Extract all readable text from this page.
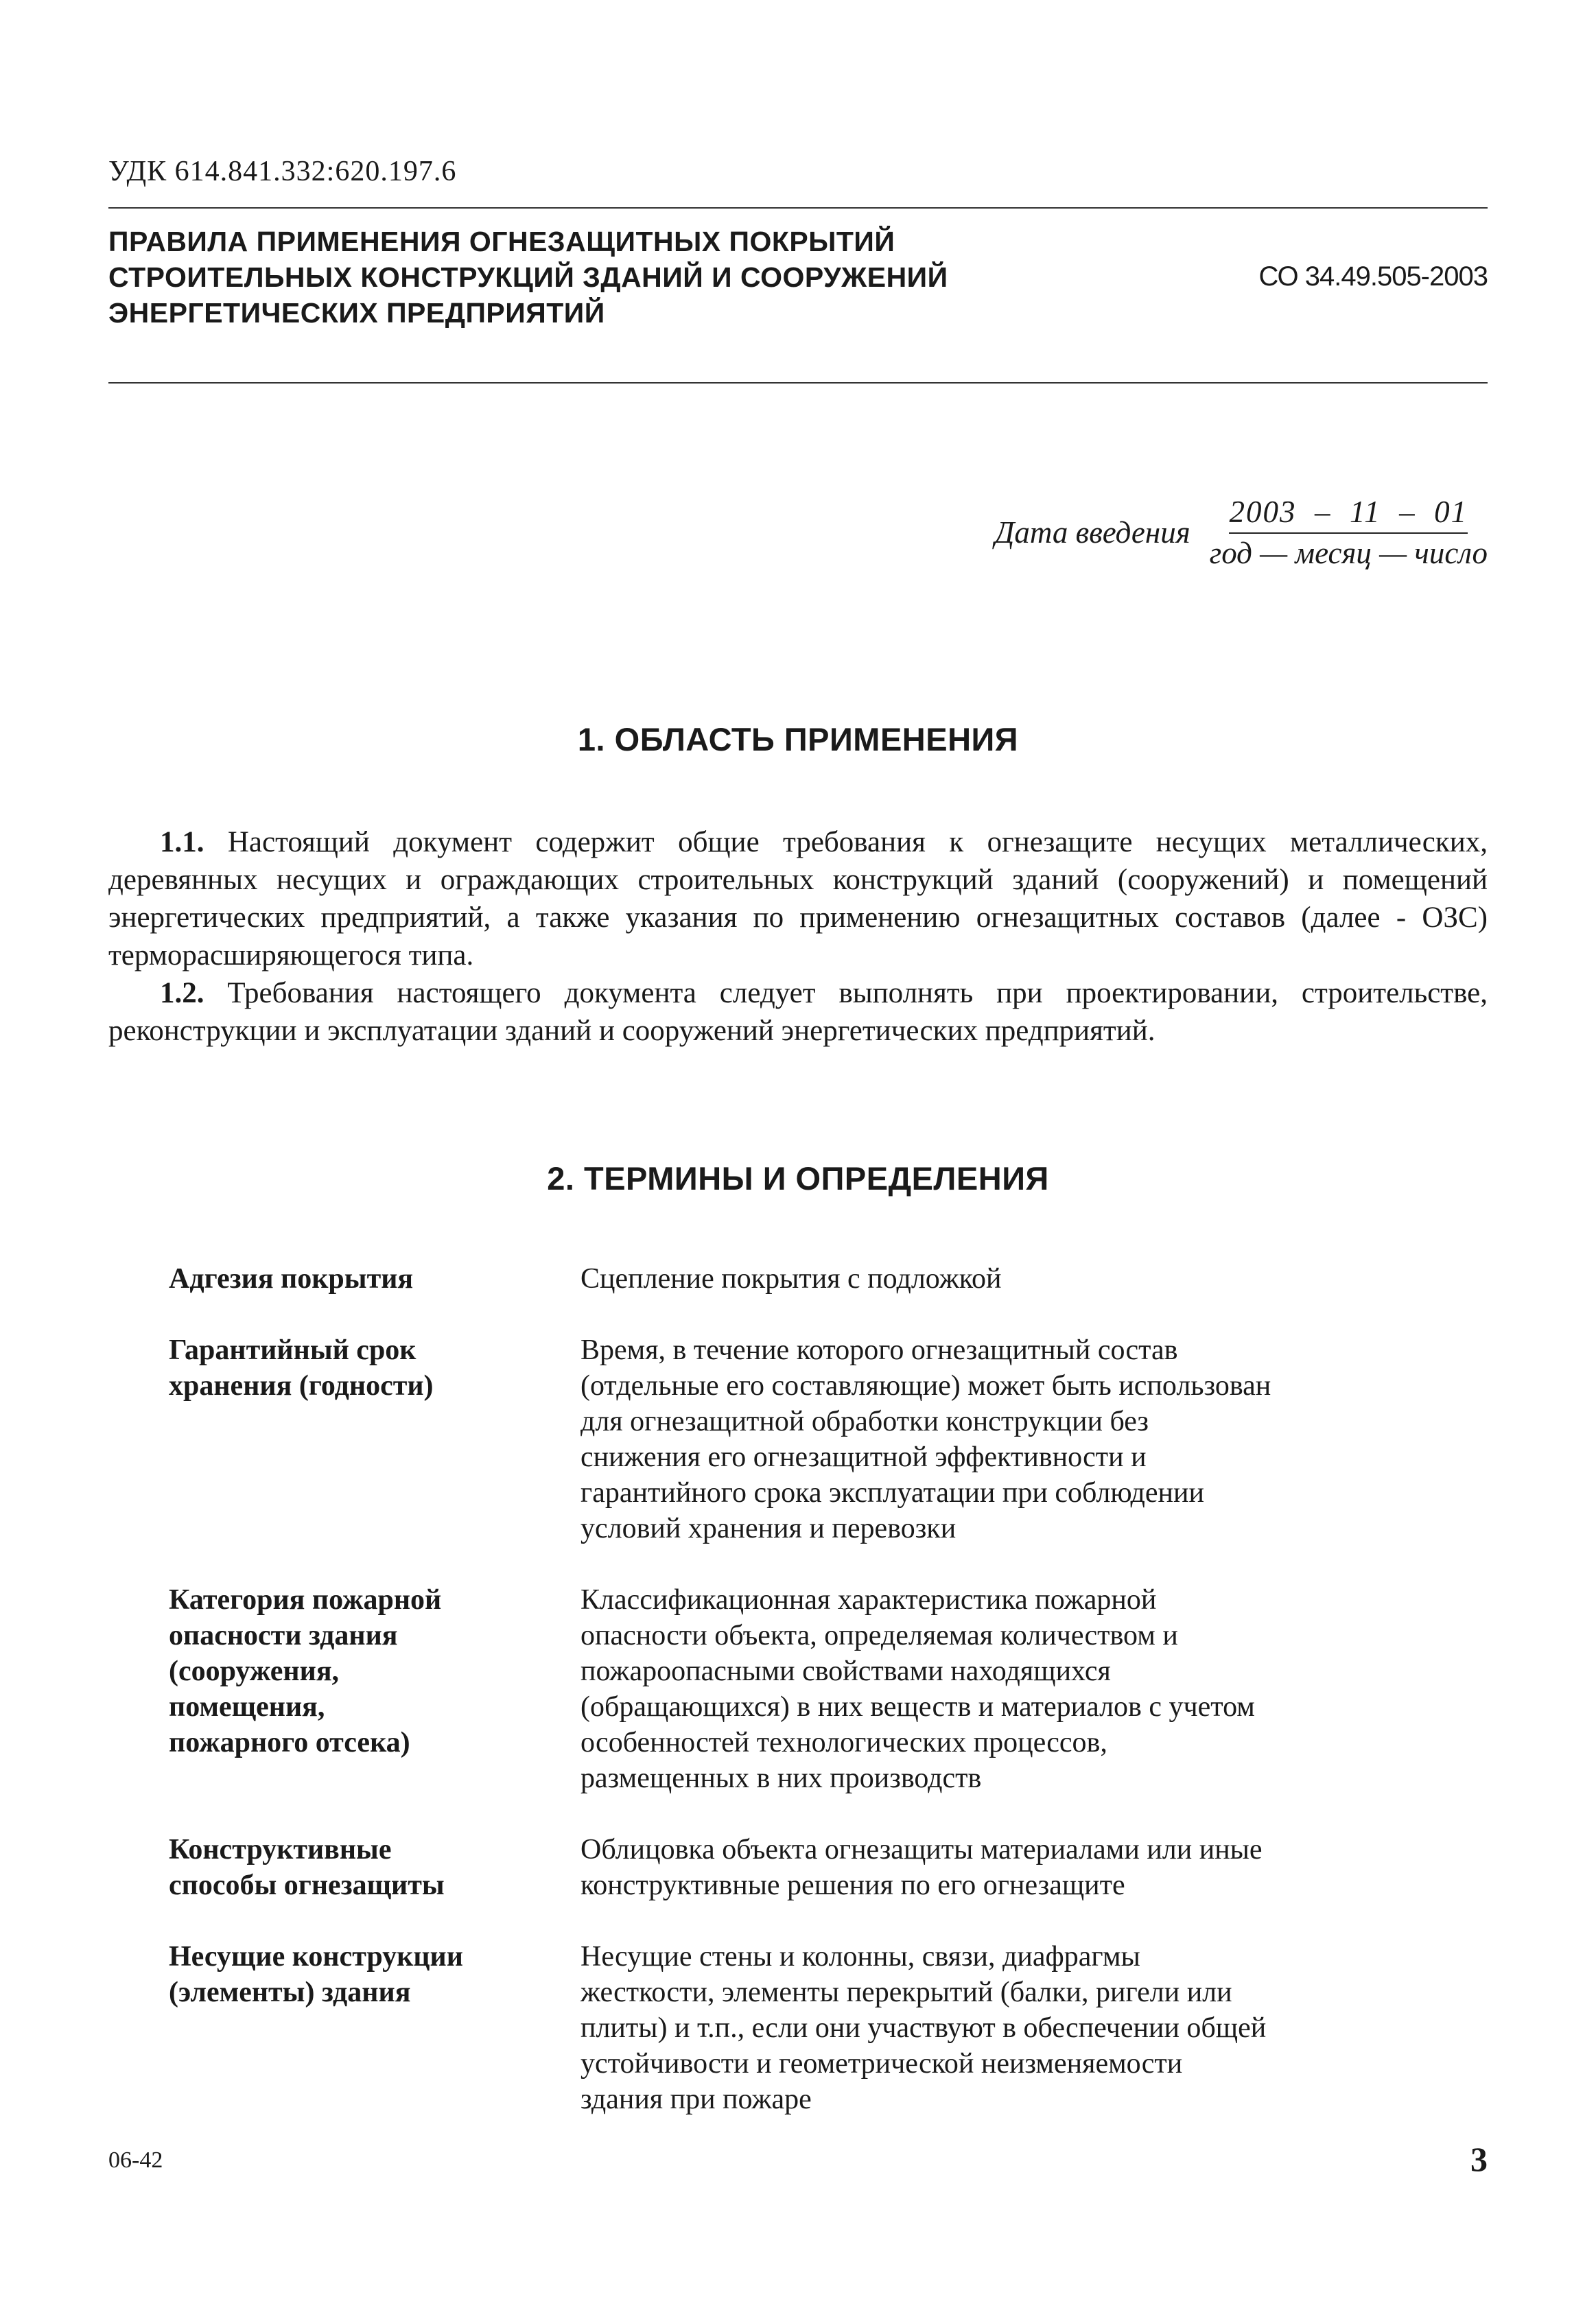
УДК 614.841.332:620.197.6
ПРАВИЛА ПРИМЕНЕНИЯ ОГНЕЗАЩИТНЫХ ПОКРЫТИЙ
СТРОИТЕЛЬНЫХ КОНСТРУКЦИЙ ЗДАНИЙ И СООРУЖЕНИЙ
ЭНЕРГЕТИЧЕСКИХ ПРЕДПРИЯТИЙ
СО 34.49.505-2003
Дата введения $\frac{2003 - 11 - 01}{\text{год — месяц — число}}$
1. ОБЛАСТЬ ПРИМЕНЕНИЯ

1.1. Настоящий документ содержит общие требования к огнезащите несущих металлических, деревянных несущих и ограждающих строительных конструкций зданий (сооружений) и помещений энергетических предприятий, а также указания по применению огнезащитных составов (далее - ОЗС) терморасширяющегося типа.

1.2. Требования настоящего документа следует выполнять при проектировании, строительстве, реконструкции и эксплуатации зданий и сооружений энергетических предприятий.

2. ТЕРМИНЫ И ОПРЕДЕЛЕНИЯ
Адгезия покрытия	Сцепление покрытия с подложкой
Гарантийный срок
хранения (годности)
Время, в течение которого огнезащитный состав
(отдельные его составляющие) может быть использован
для огнезащитной обработки конструкции без
снижения его огнезащитной эффективности и
гарантийного срока эксплуатации при соблюдении
условий хранения и перевозки
Категория пожарной
опасности здания
(сооружения,
помещения,
пожарного отсека)
Классификационная характеристика пожарной
опасности объекта, определяемая количеством и
пожароопасными свойствами находящихся
(обращающихся) в них веществ и материалов с учетом
особенностей технологических процессов,
размещенных в них производств
Конструктивные
способы огнезащиты
Облицовка объекта огнезащиты материалами или иные
конструктивные решения по его огнезащите
Несущие конструкции
(элементы) здания
Несущие стены и колонны, связи, диафрагмы
жесткости, элементы перекрытий (балки, ригели или
плиты) и т.п., если они участвуют в обеспечении общей
устойчивости и геометрической неизменяемости
здания при пожаре
06-42	3
